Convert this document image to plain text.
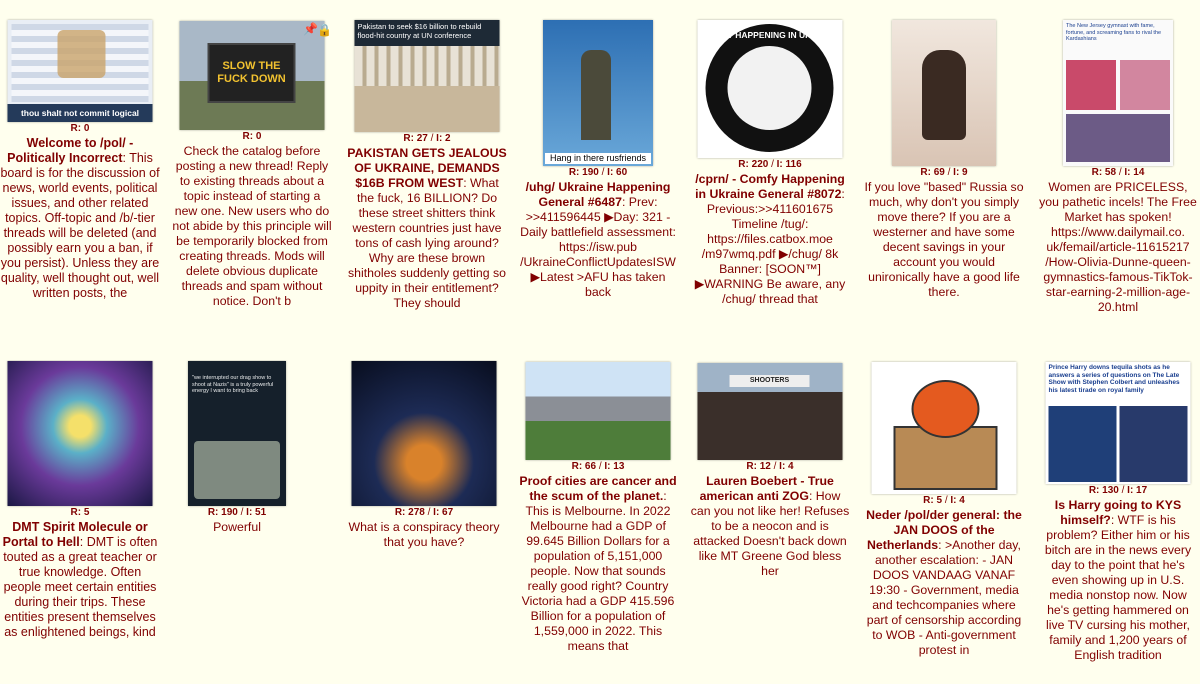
thou shalt not commit logical
R: 0
Welcome to /pol/ - Politically Incorrect: This board is for the discussion of news, world events, political issues, and other related topics. Off-topic and /b/-tier threads will be deleted (and possibly earn you a ban, if you persist). Unless they are quality, well thought out, well written posts, the
SLOW THE FUCK DOWN
📌 🔒
R: 0
Check the catalog before posting a new thread! Reply to existing threads about a topic instead of starting a new one. New users who do not abide by this principle will be temporarily blocked from creating threads. Mods will delete obvious duplicate threads and spam without notice. Don't b
Pakistan to seek $16 billion to rebuild flood-hit country at UN conference
R: 27 / I: 2
PAKISTAN GETS JEALOUS OF UKRAINE, DEMANDS $16B FROM WEST: What the fuck, 16 BILLION? Do these street shitters think western countries just have tons of cash lying around? Why are these brown shitholes suddenly getting so uppity in their entitlement? They should
Hang in there rusfriends
R: 190 / I: 60
/uhg/ Ukraine Happening General #6487: Prev: >>411596445 ▶Day: 321 - Daily battlefield assessment: https://isw.pub /UkraineConflictUpdatesISW ▶Latest >AFU has taken back
COMFY HAPPENING IN UKRAINE
R: 220 / I: 116
/cprn/ - Comfy Happening in Ukraine General #8072: Previous:>>411601675 Timeline /tug/: https://files.catbox.moe /m97wmq.pdf ▶/chug/ 8k Banner: [SOON™] ▶WARNING Be aware, any /chug/ thread that
R: 69 / I: 9
If you love "based" Russia so much, why don't you simply move there? If you are a westerner and have some decent savings in your account you would unironically have a good life there.
The New Jersey gymnast with fame, fortune, and screaming fans to rival the Kardashians
R: 58 / I: 14
Women are PRICELESS, you pathetic incels! The Free Market has spoken! https://www.dailymail.co. uk/femail/article-11615217 /How-Olivia-Dunne-queen-gymnastics-famous-TikTok-star-earning-2-million-age-20.html
R: 5
DMT Spirit Molecule or Portal to Hell: DMT is often touted as a great teacher or true knowledge. Often people meet certain entities during their trips. These entities present themselves as enlightened beings, kind
"we interrupted our drag show to shoot at Nazis" is a truly powerful energy I want to bring back
R: 190 / I: 51
Powerful
R: 278 / I: 67
What is a conspiracy theory that you have?
R: 66 / I: 13
Proof cities are cancer and the scum of the planet.: This is Melbourne. In 2022 Melbourne had a GDP of 99.645 Billion Dollars for a population of 5,151,000 people. Now that sounds really good right? Country Victoria had a GDP 415.596 Billion for a population of 1,559,000 in 2022. This means that
SHOOTERS
R: 12 / I: 4
Lauren Boebert - True american anti ZOG: How can you not like her! Refuses to be a neocon and is attacked Doesn't back down like MT Greene God bless her
R: 5 / I: 4
Neder /pol/der general: the JAN DOOS of the Netherlands: >Another day, another escalation: - JAN DOOS VANDAAG VANAF 19:30 - Government, media and techcompanies where part of censorship according to WOB - Anti-government protest in
Prince Harry downs tequila shots as he answers a series of questions on The Late Show with Stephen Colbert and unleashes his latest tirade on royal family
R: 130 / I: 17
Is Harry going to KYS himself?: WTF is his problem? Either him or his bitch are in the news every day to the point that he's even showing up in U.S. media nonstop now. Now he's getting hammered on live TV cursing his mother, family and 1,200 years of English tradition
